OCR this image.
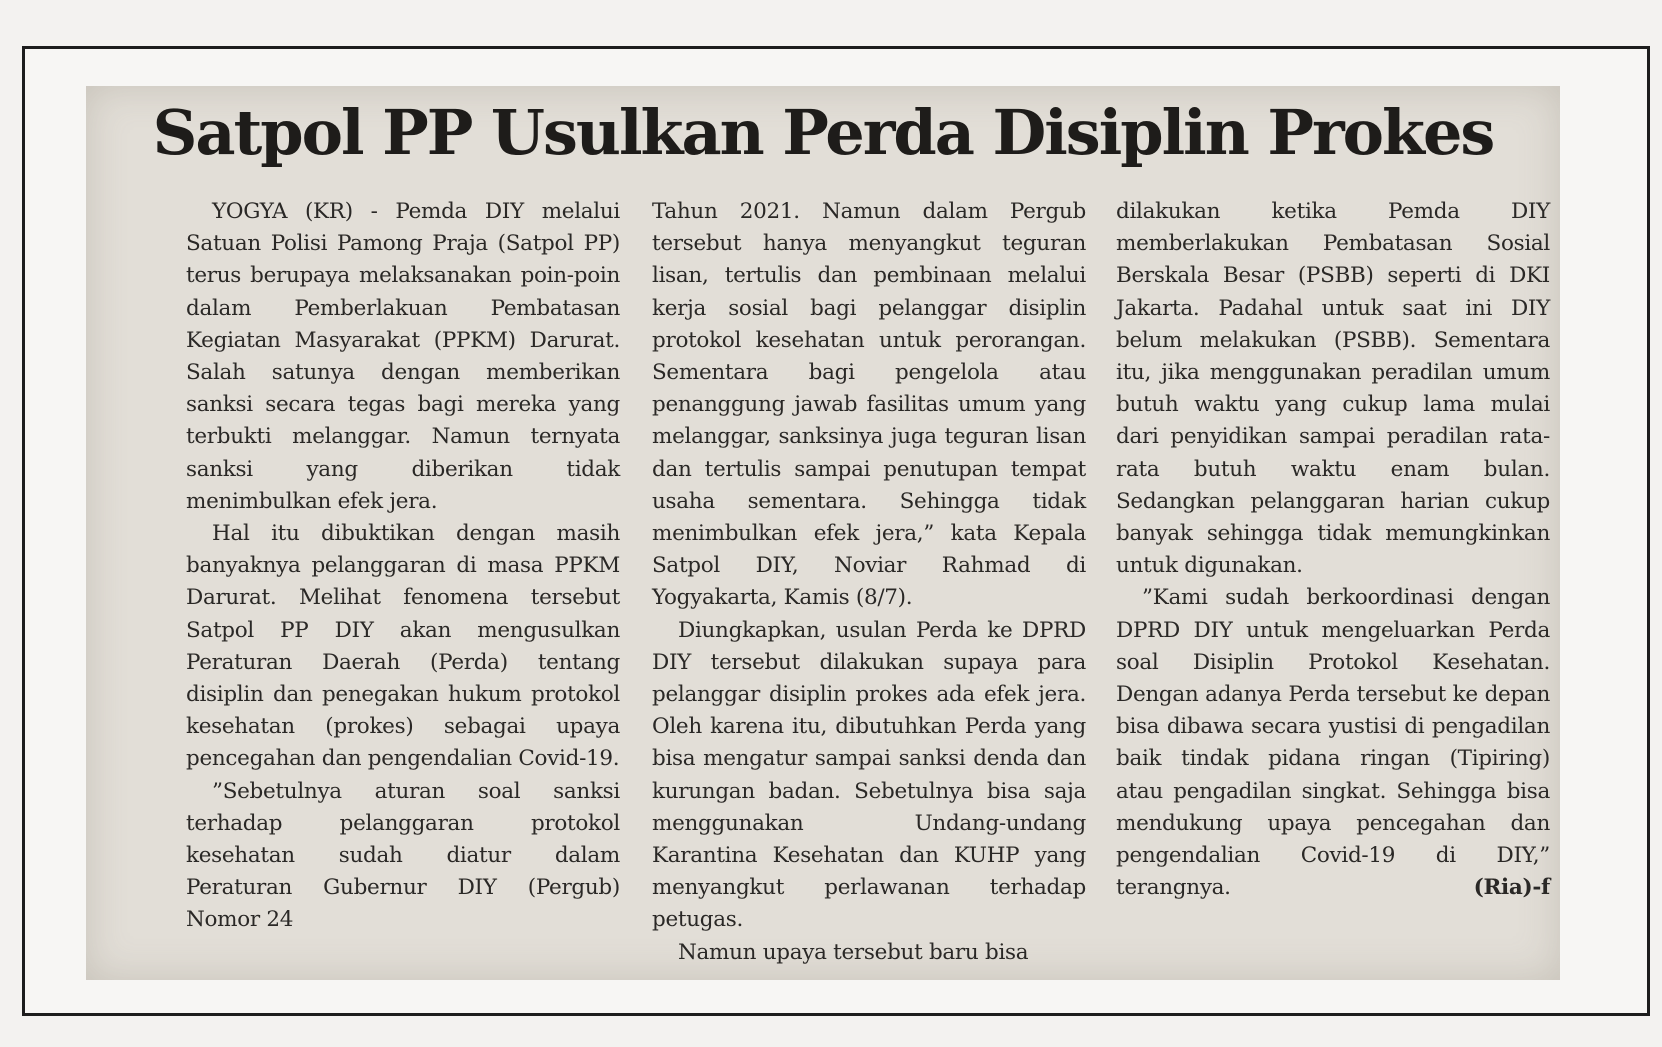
Satpol PP Usulkan Perda Disiplin Prokes

YOGYA (KR) - Pemda DIY melalui Satuan Polisi Pamong Praja (Satpol PP) terus berupaya melaksanakan poin-poin dalam Pemberlakuan Pembatasan Kegiatan Masyarakat (PPKM) Darurat. Salah satunya dengan memberikan sanksi secara tegas bagi mereka yang terbukti melanggar. Namun ternyata sanksi yang diberikan tidak menimbulkan efek jera.

Hal itu dibuktikan dengan masih banyaknya pelanggaran di masa PPKM Darurat. Melihat fenomena tersebut Satpol PP DIY akan mengusulkan Peraturan Daerah (Perda) tentang disiplin dan penegakan hukum protokol kesehatan (prokes) sebagai upaya pencegahan dan pengendalian Covid-19.

”Sebetulnya aturan soal sanksi terhadap pelanggaran protokol kesehatan sudah diatur dalam Peraturan Gubernur DIY (Pergub) Nomor 24

Tahun 2021. Namun dalam Pergub tersebut hanya menyangkut teguran lisan, tertulis dan pembinaan melalui kerja sosial bagi pelanggar disiplin protokol kesehatan untuk perorangan. Sementara bagi pengelola atau penanggung jawab fasilitas umum yang melanggar, sanksinya juga teguran lisan dan tertulis sampai penutupan tempat usaha sementara. Sehingga tidak menimbulkan efek jera,” kata Kepala Satpol DIY, Noviar Rahmad di Yogyakarta, Kamis (8/7).

Diungkapkan, usulan Perda ke DPRD DIY tersebut dilakukan supaya para pelanggar disiplin prokes ada efek jera. Oleh karena itu, dibutuhkan Perda yang bisa mengatur sampai sanksi denda dan kurungan badan. Sebetulnya bisa saja menggunakan Undang-undang Karantina Kesehatan dan KUHP yang menyangkut perlawanan terhadap petugas.

Namun upaya tersebut baru bisa

dilakukan ketika Pemda DIY memberlakukan Pembatasan Sosial Berskala Besar (PSBB) seperti di DKI Jakarta. Padahal untuk saat ini DIY belum melakukan (PSBB). Sementara itu, jika menggunakan peradilan umum butuh waktu yang cukup lama mulai dari penyidikan sampai peradilan rata-rata butuh waktu enam bulan. Sedangkan pelanggaran harian cukup banyak sehingga tidak memungkinkan untuk digunakan.

”Kami sudah berkoordinasi dengan DPRD DIY untuk mengeluarkan Perda soal Disiplin Protokol Kesehatan. Dengan adanya Perda tersebut ke depan bisa dibawa secara yustisi di pengadilan baik tindak pidana ringan (Tipiring) atau pengadilan singkat. Sehingga bisa mendukung upaya pencegahan dan pengendalian Covid-19 di DIY,” terangnya.	(Ria)-f
